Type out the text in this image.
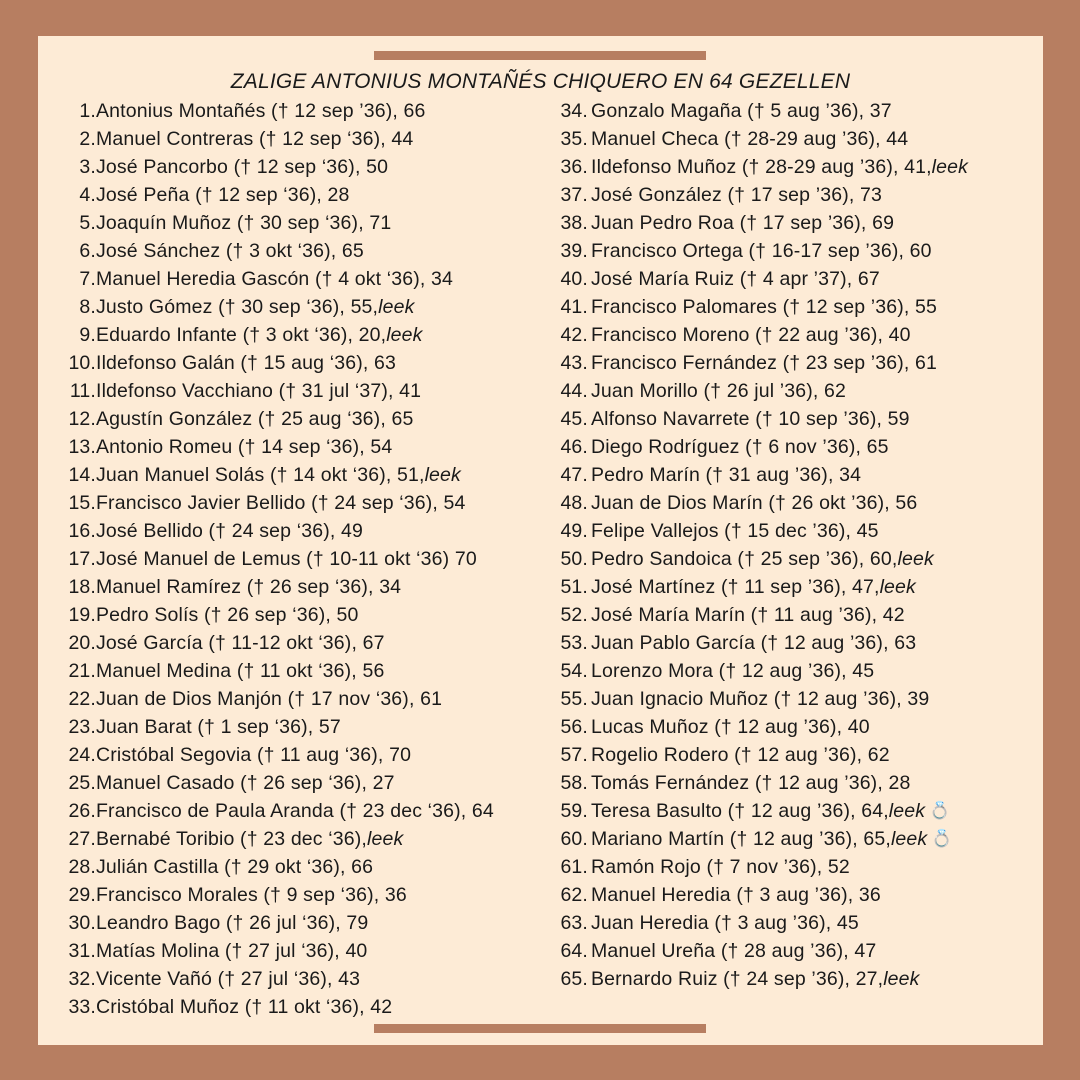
ZALIGE ANTONIUS MONTAÑÉS CHIQUERO EN 64 GEZELLEN
1. Antonius Montañés († 12 sep ’36), 66
2. Manuel Contreras († 12 sep ‘36), 44
3. José Pancorbo († 12 sep ‘36), 50
4. José Peña († 12 sep ‘36), 28
5. Joaquín Muñoz († 30 sep ‘36), 71
6. José Sánchez († 3 okt ‘36), 65
7. Manuel Heredia Gascón († 4 okt ‘36), 34
8. Justo Gómez († 30 sep ‘36), 55, leek
9. Eduardo Infante († 3 okt ‘36), 20, leek
10. Ildefonso Galán († 15 aug ‘36), 63
11. Ildefonso Vacchiano († 31 jul ‘37), 41
12. Agustín González († 25 aug ‘36), 65
13. Antonio Romeu († 14 sep ‘36), 54
14. Juan Manuel Solás († 14 okt ‘36), 51, leek
15. Francisco Javier Bellido († 24 sep ‘36), 54
16. José Bellido († 24 sep ‘36), 49
17. José Manuel de Lemus († 10-11 okt ‘36) 70
18. Manuel Ramírez († 26 sep ‘36), 34
19. Pedro Solís († 26 sep ‘36), 50
20. José García († 11-12 okt ‘36), 67
21. Manuel Medina († 11 okt ‘36), 56
22. Juan de Dios Manjón († 17 nov ‘36), 61
23. Juan Barat († 1 sep ‘36), 57
24. Cristóbal Segovia († 11 aug ‘36), 70
25. Manuel Casado († 26 sep ‘36), 27
26. Francisco de Paula Aranda († 23 dec ‘36), 64
27. Bernabé Toribio († 23 dec ‘36), leek
28. Julián Castilla († 29 okt ‘36), 66
29. Francisco Morales († 9 sep ‘36), 36
30. Leandro Bago († 26 jul ‘36), 79
31. Matías Molina († 27 jul ‘36), 40
32. Vicente Vañó († 27 jul ‘36), 43
33. Cristóbal Muñoz († 11 okt ‘36), 42
34. Gonzalo Magaña († 5 aug ’36), 37
35. Manuel Checa († 28-29 aug ’36), 44
36. Ildefonso Muñoz († 28-29 aug ’36), 41, leek
37. José González († 17 sep ’36), 73
38. Juan Pedro Roa († 17 sep ’36), 69
39. Francisco Ortega († 16-17 sep ’36), 60
40. José María Ruiz († 4 apr ’37), 67
41. Francisco Palomares († 12 sep ’36), 55
42. Francisco Moreno († 22 aug ’36), 40
43. Francisco Fernández († 23 sep ’36), 61
44. Juan Morillo († 26 jul ’36), 62
45. Alfonso Navarrete († 10 sep ’36), 59
46. Diego Rodríguez († 6 nov ’36), 65
47. Pedro Marín († 31 aug ’36), 34
48. Juan de Dios Marín († 26 okt ’36), 56
49. Felipe Vallejos († 15 dec ’36), 45
50. Pedro Sandoica († 25 sep ’36), 60, leek
51. José Martínez († 11 sep ’36), 47, leek
52. José María Marín († 11 aug ’36), 42
53. Juan Pablo García († 12 aug ’36), 63
54. Lorenzo Mora († 12 aug ’36), 45
55. Juan Ignacio Muñoz († 12 aug ’36), 39
56. Lucas Muñoz († 12 aug ’36), 40
57. Rogelio Rodero († 12 aug ’36), 62
58. Tomás Fernández († 12 aug ’36), 28
59. Teresa Basulto († 12 aug ’36), 64, leek 💍
60. Mariano Martín († 12 aug ’36), 65, leek 💍
61. Ramón Rojo († 7 nov ’36), 52
62. Manuel Heredia († 3 aug ’36), 36
63. Juan Heredia († 3 aug ’36), 45
64. Manuel Ureña († 28 aug ’36), 47
65. Bernardo Ruiz († 24 sep ’36), 27, leek
